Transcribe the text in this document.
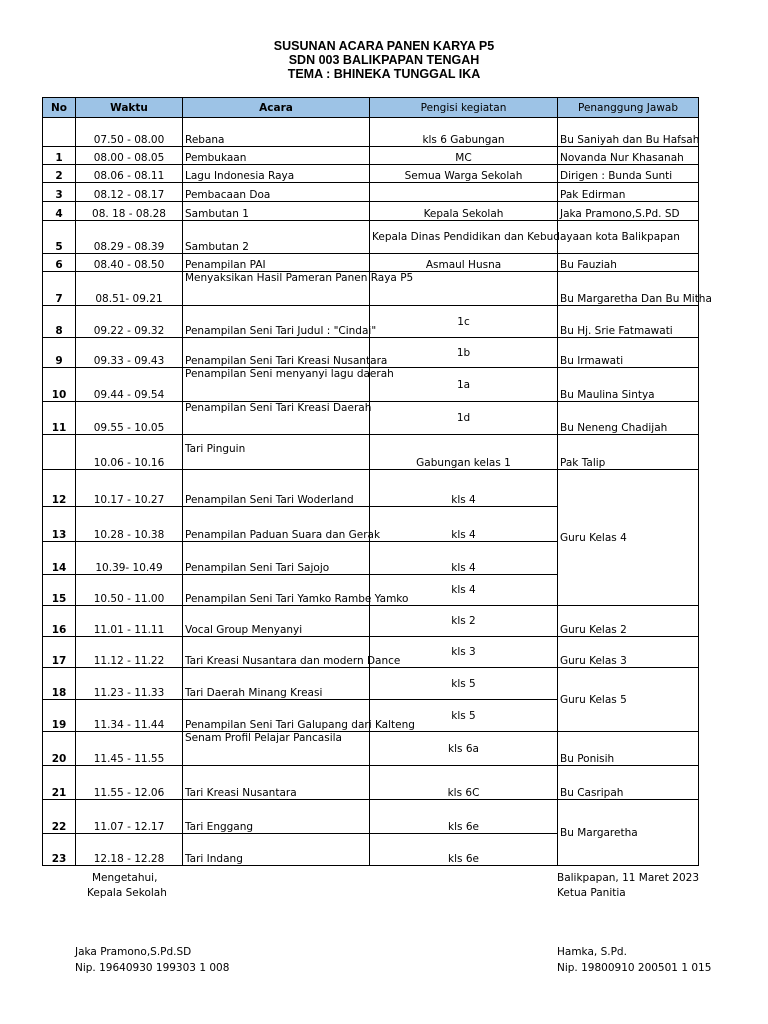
SUSUNAN ACARA PANEN KARYA P5
SDN 003 BALIKPAPAN TENGAH
TEMA : BHINEKA TUNGGAL IKA
No	Waktu	Acara	Pengisi kegiatan	Penanggung Jawab
	07.50 - 08.00	Rebana	kls 6 Gabungan	Bu Saniyah dan Bu Hafsah
1	08.00 - 08.05	Pembukaan	MC	Novanda Nur Khasanah
2	08.06 - 08.11	Lagu Indonesia Raya	Semua Warga Sekolah	Dirigen : Bunda Sunti
3	08.12 - 08.17	Pembacaan Doa		Pak Edirman
4	08. 18 - 08.28	Sambutan 1	Kepala Sekolah	Jaka Pramono,S.Pd. SD
5	08.29 - 08.39	Sambutan 2	Kepala Dinas Pendidikan dan Kebudayaan kota Balikpapan	
6	08.40 - 08.50	Penampilan PAI	Asmaul Husna	Bu Fauziah
7	08.51- 09.21	Menyaksikan Hasil Pameran Panen Raya P5		Bu Margaretha Dan Bu Mitha
8	09.22 - 09.32	Penampilan Seni Tari Judul : "Cindai"	1c	Bu Hj. Srie Fatmawati
9	09.33 - 09.43	Penampilan Seni Tari Kreasi Nusantara	1b	Bu Irmawati
10	09.44 - 09.54	Penampilan Seni menyanyi lagu daerah	1a	Bu Maulina Sintya
11	09.55 - 10.05	Penampilan Seni Tari Kreasi Daerah	1d	Bu Neneng Chadijah
	10.06 - 10.16	Tari Pinguin	Gabungan kelas 1	Pak Talip
12	10.17 - 10.27	Penampilan Seni Tari Woderland	kls 4	Guru Kelas 4
13	10.28 - 10.38	Penampilan Paduan Suara dan Gerak	kls 4	
14	10.39- 10.49	Penampilan Seni Tari Sajojo	kls 4	
15	10.50 - 11.00	Penampilan Seni Tari Yamko Rambe Yamko	kls 4	
16	11.01 - 11.11	Vocal Group Menyanyi	kls 2	Guru Kelas 2
17	11.12 - 11.22	Tari Kreasi Nusantara dan modern Dance	kls 3	Guru Kelas 3
18	11.23 - 11.33	Tari Daerah Minang Kreasi	kls 5	Guru Kelas 5
19	11.34 - 11.44	Penampilan Seni Tari Galupang dari Kalteng	kls 5	
20	11.45 - 11.55	Senam Profil Pelajar Pancasila	kls 6a	Bu Ponisih
21	11.55 - 12.06	Tari Kreasi Nusantara	kls 6C	Bu Casripah
22	11.07 - 12.17	Tari Enggang	kls 6e	Bu Margaretha
23	12.18 - 12.28	Tari Indang	kls 6e	
Mengetahui,
Kepala Sekolah
Jaka Pramono,S.Pd.SD
Nip. 19640930 199303 1 008
Balikpapan, 11 Maret 2023
Ketua Panitia
Hamka, S.Pd.
Nip. 19800910 200501 1 015
